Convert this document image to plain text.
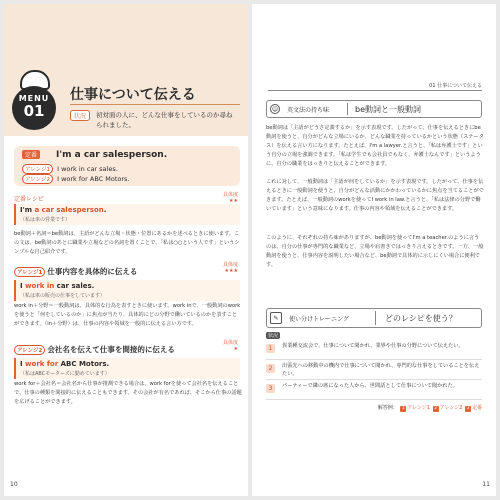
MENU
01
仕事について伝える
状況	初対面の人に、どんな仕事をしているのか尋ねられました。
定番	I'm a car salesperson.
アレンジ1 I work in car sales.
アレンジ2 I work for ABC Motors.
定番レシピ
具体度
★★
I'm a car salesperson.
（私は車の営業です）
be動詞＋名詞＝be動詞は、主語がどんな立場・状態・位置にあるかを述べるときに使います。この文は、be動詞のあとに職業や立場などの名詞を置くことで、「私は○○という人です」というシンプルな自己紹介です。
アレンジ1 仕事内容を具体的に伝える
具体度
★★★
I work in car sales.
（私は車の販売の仕事をしています）
work in＋分野＝一般動詞は、具体的な行為を表すときに使います。work inで、一般動詞のworkを使うと「何をしているのか」に焦点が当たり、具体的にどの分野で働いているのかを表すことができます。（in＋分野）は、仕事の内容や領域を一般的に伝える言い方です。
アレンジ2 会社名を伝えて仕事を間接的に伝える
具体度
★
I work for ABC Motors.
（私はABCモーターズに勤めています）
work for＋会社名＝会社名から仕事が推測できる場合は、work forを使って会社名を伝えることで、仕事の種類を間接的に伝えることもできます。その会社が有名であれば、そこから仕事の話題を広げることができます。
10
01 仕事について伝える
☺	英文法の持ち味	be動詞と一般動詞
be動詞は「主語がどうさ定義するか」を示す表現です。したがって、仕事を伝えるときにbe動詞を使うと、自分がどんな立場にいるか、どんな職業を持っているかという状態（ステータス）を伝える言い方になります。たとえば、I'm a lawyer.と言うと、「私は弁護士です」という自分の立場を強調できます。「私は学生でも会社員でもなく、弁護士なんです」というように、自分の職業をはっきりと伝えることができます。
これに対して、一般動詞は「主語が何をしているか」を示す表現です。したがって、仕事を伝えるときに一般動詞を使うと、自分がどんな活動にかかわっているかに焦点を当てることができます。たとえば、一般動詞のworkを使ってI work in law.と言うと、「私は法律の分野で働いています」という意味になります。仕事の内容や領域を伝えることができます。
このように、それぞれの持ち味がありますが、be動詞を使ってI'm a teacher.のように言うのは、自分の仕事が専門的な職業など、立場や肩書きではっきり言えるときです。一方、一般動詞を使うと、仕事内容を説明したい場合など、be動詞で具体的に示しにくい場合に便利です。
✎	使い分けトレーニング	どのレシピを使う？
状況
1	異業種交流会で、仕事について聞かれ、業界や仕事の分野について伝えたい。
2	出張先への移動中の機内で仕事について聞かれ、専門的な仕事をしていることを伝えたい。
3	パーティーで隣の席になった人から、世間話として仕事について聞かれた。
解答例： 1 アレンジ1 2 アレンジ2 3 定番
11
